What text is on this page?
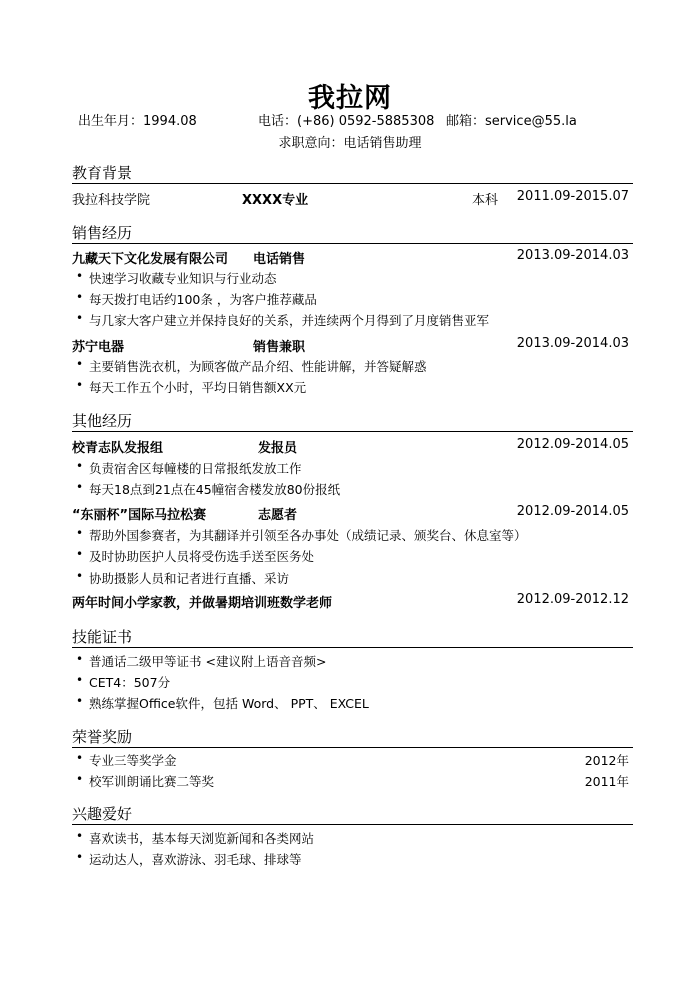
我拉网
出生年月：1994.08	电话：(+86) 0592-5885308 邮箱：service@55.la
求职意向：电话销售助理
教育背景
我拉科技学院	XXXX专业	本科 2011.09-2015.07
销售经历
九藏天下文化发展有限公司 电话销售	2013.09-2014.03
• 快速学习收藏专业知识与行业动态
• 每天拨打电话约100条 ，为客户推荐藏品
• 与几家大客户建立并保持良好的关系，并连续两个月得到了月度销售亚军
苏宁电器	销售兼职	2013.09-2014.03
• 主要销售洗衣机，为顾客做产品介绍、性能讲解，并答疑解惑
• 每天工作五个小时，平均日销售额XX元
其他经历
校青志队发报组	发报员	2012.09-2014.05
• 负责宿舍区每幢楼的日常报纸发放工作
• 每天18点到21点在45幢宿舍楼发放80份报纸
“东丽杯”国际马拉松赛	志愿者	2012.09-2014.05
• 帮助外国参赛者，为其翻译并引领至各办事处（成绩记录、颁奖台、休息室等）
• 及时协助医护人员将受伤选手送至医务处
• 协助摄影人员和记者进行直播、采访
两年时间小学家教，并做暑期培训班数学老师	2012.09-2012.12
技能证书
• 普通话二级甲等证书 <建议附上语音音频>
• CET4：507分
• 熟练掌握Office软件，包括 Word、 PPT、 EXCEL
荣誉奖励
• 专业三等奖学金	2012年
• 校军训朗诵比赛二等奖	2011年
兴趣爱好
• 喜欢读书，基本每天浏览新闻和各类网站
• 运动达人，喜欢游泳、羽毛球、排球等
